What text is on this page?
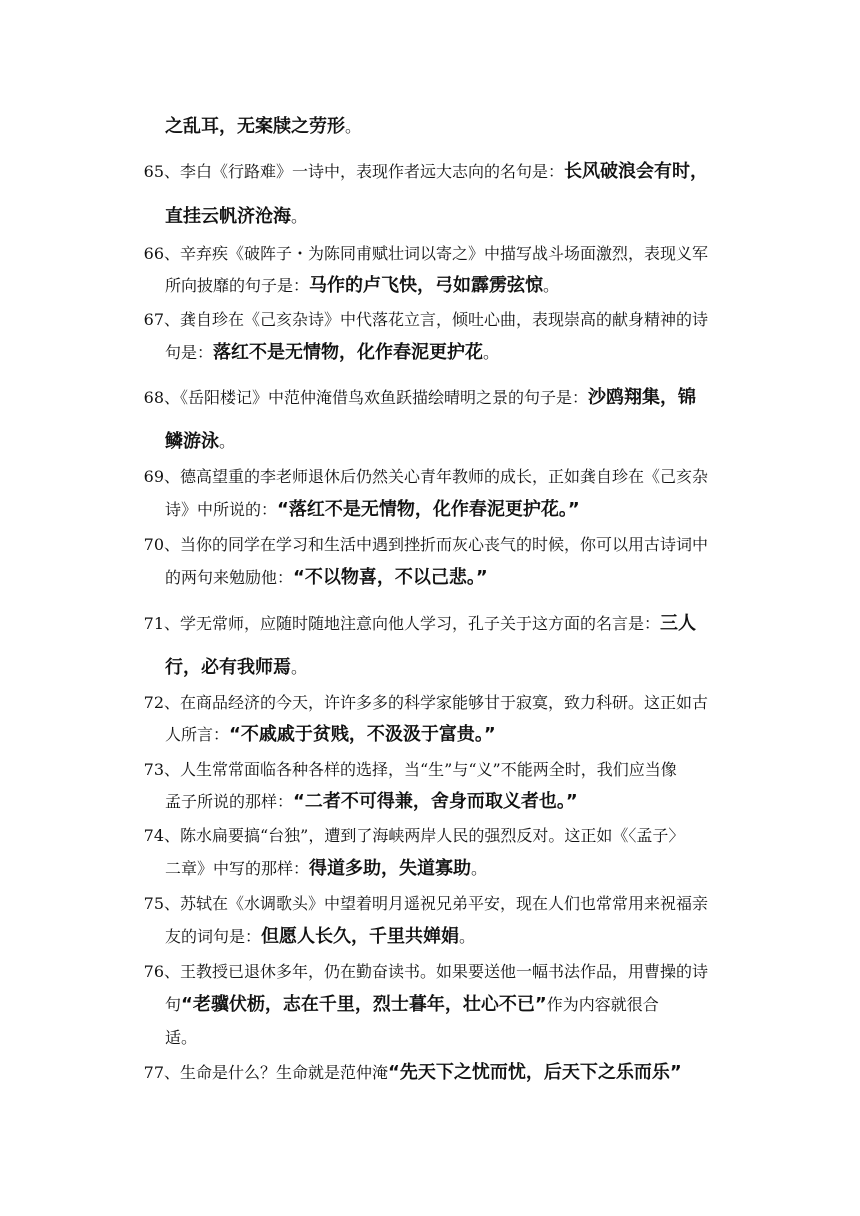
之乱耳，无案牍之劳形。
65、李白《行路难》一诗中，表现作者远大志向的名句是：长风破浪会有时，
直挂云帆济沧海。
66、辛弃疾《破阵子・为陈同甫赋壮词以寄之》中描写战斗场面激烈，表现义军
所向披靡的句子是：马作的卢飞快，弓如霹雳弦惊。
67、龚自珍在《己亥杂诗》中代落花立言，倾吐心曲，表现崇高的献身精神的诗
句是：落红不是无情物，化作春泥更护花。
68、《岳阳楼记》中范仲淹借鸟欢鱼跃描绘晴明之景的句子是：沙鸥翔集，锦
鳞游泳。
69、德高望重的李老师退休后仍然关心青年教师的成长，正如龚自珍在《己亥杂
诗》中所说的：“落红不是无情物，化作春泥更护花。”
70、当你的同学在学习和生活中遇到挫折而灰心丧气的时候，你可以用古诗词中
的两句来勉励他：“不以物喜，不以己悲。”
71、学无常师，应随时随地注意向他人学习，孔子关于这方面的名言是：三人
行，必有我师焉。
72、在商品经济的今天，许许多多的科学家能够甘于寂寞，致力科研。这正如古
人所言：“不戚戚于贫贱，不汲汲于富贵。”
73、人生常常面临各种各样的选择，当“生”与“义”不能两全时，我们应当像
孟子所说的那样：“二者不可得兼，舍身而取义者也。”
74、陈水扁要搞“台独”，遭到了海峡两岸人民的强烈反对。这正如《〈孟子〉
二章》中写的那样：得道多助，失道寡助。
75、苏轼在《水调歌头》中望着明月遥祝兄弟平安，现在人们也常常用来祝福亲
友的词句是：但愿人长久，千里共婵娟。
76、王教授已退休多年，仍在勤奋读书。如果要送他一幅书法作品，用曹操的诗
句“老骥伏枥，志在千里，烈士暮年，壮心不已”作为内容就很合
适。
77、生命是什么？生命就是范仲淹“先天下之忧而忧，后天下之乐而乐”
